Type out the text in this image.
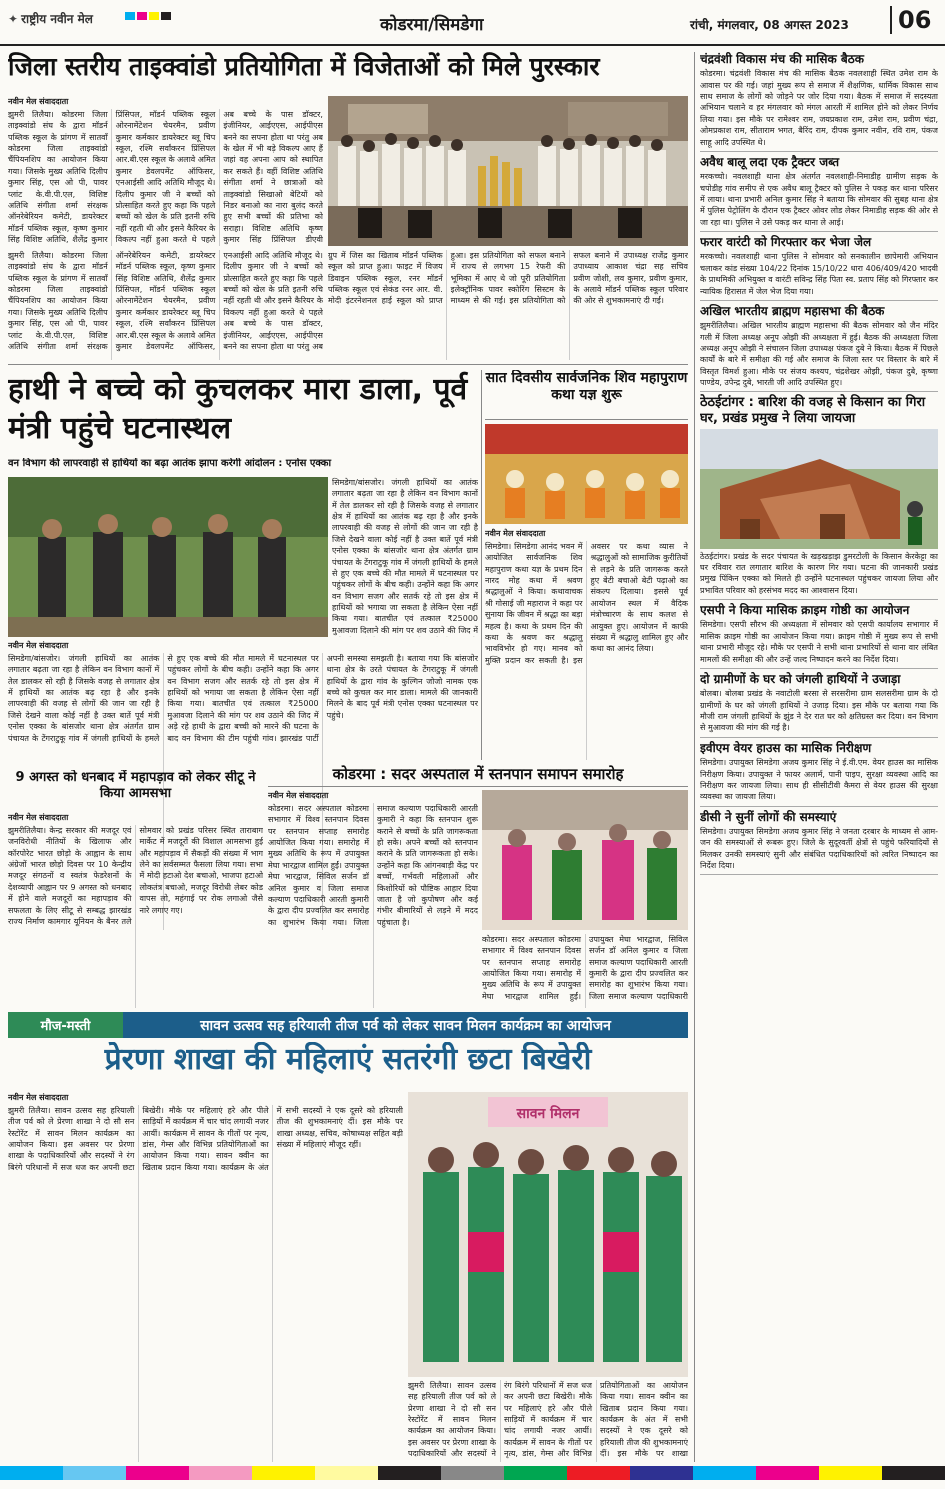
✦ राष्ट्रीय नवीन मेल	कोडरमा/सिमडेगा	रांची, मंगलवार, 08 अगस्त 2023	06
जिला स्तरीय ताइक्वांडो प्रतियोगिता में विजेताओं को मिले पुरस्कार
नवीन मेल संवाददाता
झुमरी तिलैया। कोडरमा जिला ताइक्वांडो संघ के द्वारा मॉडर्न पब्लिक स्कूल के प्रांगण में सातवाँ कोडरमा जिला ताइक्वांडो चैंपियनशिप का आयोजन किया गया। जिसके मुख्य अतिथि दिलीप कुमार सिंह, एस ओ पी, पावर प्लांट के.वी.पी.एल, विशिष्ट अतिथि संगीता शर्मा संरक्षक ऑनरेबेरियन कमेटी, डायरेक्टर मॉडर्न पब्लिक स्कूल, कृष्ण कुमार सिंह विशिष्ट अतिथि, शैलेंद्र कुमार प्रिंसिपल, मॉडर्न पब्लिक स्कूल ओरनामेंटेशन चेयरमैन, प्रवीण कुमार कर्मकार डायरेक्टर ब्लू चिप स्कूल, रश्मि सर्वांकरन प्रिंसिपल आर.बी.एस स्कूल के अलावे अमित कुमार डेवलपमेंट ऑफिसर, एनआईसी आदि अतिथि मौजूद थे। दिलीप कुमार जी ने बच्चों को प्रोत्साहित करते हुए कहा कि पहले बच्चों को खेल के प्रति इतनी रुचि नहीं रहती थी और इसने कैरियर के विकल्प नहीं हुआ करते थे पहले अब बच्चे के पास डॉक्टर, इंजीनियर, आईएएस, आईपीएस बनने का सपना होता था परंतु अब के खेल में भी बड़े विकल्प आए हैं जहां वह अपना आप को स्थापित कर सकते हैं। वहीं विशिष्ट अतिथि संगीता शर्मा ने छात्राओं को ताइक्वांडो सिखाओ बेटियों को निडर बनाओ का नारा बुलंद करते हुए सभी बच्चों की प्रतिभा को सराहा। विशिष्ट अतिथि कृष्ण कुमार सिंह प्रिंसिपल डीएवी
ग्रुप में जिस का खिताब मॉडर्न पब्लिक स्कूल को प्राप्त हुआ। फाइट में विजय डिवाइन पब्लिक स्कूल, रनर मॉडर्न पब्लिक स्कूल एवं सेकंड रनर आर. वी. मोदी इंटरनेशनल हाई स्कूल को प्राप्त हुआ। इस प्रतियोगिता को सफल बनाने में राज्य से लगभग 15 रेफरी की भूमिका में आए थे जो पूरी प्रतियोगिता इलेक्ट्रॉनिक पावर स्कोरिंग सिस्टम के माध्यम से की गई। इस प्रतियोगिता को सफल बनाने में उपाध्यक्ष राजेंद्र कुमार उपाध्याय आकाश चंद्रा सह सचिव प्रवीण जोशी, लव कुमार, प्रवीण कुमार, के अलावे मॉडर्न पब्लिक स्कूल परिवार की ओर से शुभकामनाएं दी गई।
झुमरी तिलैया। कोडरमा जिला ताइक्वांडो संघ के द्वारा मॉडर्न पब्लिक स्कूल के प्रांगण में सातवाँ कोडरमा जिला ताइक्वांडो चैंपियनशिप का आयोजन किया गया। जिसके मुख्य अतिथि दिलीप कुमार सिंह, एस ओ पी, पावर प्लांट के.वी.पी.एल, विशिष्ट अतिथि संगीता शर्मा संरक्षक ऑनरेबेरियन कमेटी, डायरेक्टर मॉडर्न पब्लिक स्कूल, कृष्ण कुमार सिंह विशिष्ट अतिथि, शैलेंद्र कुमार प्रिंसिपल, मॉडर्न पब्लिक स्कूल ओरनामेंटेशन चेयरमैन, प्रवीण कुमार कर्मकार डायरेक्टर ब्लू चिप स्कूल, रश्मि सर्वांकरन प्रिंसिपल आर.बी.एस स्कूल के अलावे अमित कुमार डेवलपमेंट ऑफिसर, एनआईसी आदि अतिथि मौजूद थे। दिलीप कुमार जी ने बच्चों को प्रोत्साहित करते हुए कहा कि पहले बच्चों को खेल के प्रति इतनी रुचि नहीं रहती थी और इसने कैरियर के विकल्प नहीं हुआ करते थे पहले अब बच्चे के पास डॉक्टर, इंजीनियर, आईएएस, आईपीएस बनने का सपना होता था परंतु अब
हाथी ने बच्चे को कुचलकर मारा डाला, पूर्व मंत्री पहुंचे घटनास्थल
वन विभाग की लापरवाही से हाथियों का बढ़ा आतंक झापा करेगी आंदोलन : एनोस एक्का
नवीन मेल संवाददाता
सिमडेगा/बांसजोर। जंगली हाथियों का आतंक लगातार बढ़ता जा रहा है लेकिन वन विभाग कानों में तेल डालकर सो रही है जिसके वजह से लगातार क्षेत्र में हाथियों का आतंक बढ़ रहा है और इनके लापरवाही की वजह से लोगों की जान जा रही है जिसे देखने वाला कोई नहीं है उक्त बातें पूर्व मंत्री एनोस एक्का के बांसजोर थाना क्षेत्र अंतर्गत ग्राम पंचायत के टेंगराटुकू गांव में जंगली हाथियों के हमले से हुए एक बच्चे की मौत मामले में घटनास्थल पर पहुंचकर लोगों के बीच कही। उन्होंने कहा कि अगर वन विभाग सजग और सतर्क रहे तो इस क्षेत्र में हाथियों को भगाया जा सकता है लेकिन ऐसा नहीं किया गया। बातचीत एवं तत्काल ₹25000 मुआवजा दिलाने की मांग पर शव उठाने की जिद में अड़े रहे हाथी के द्वारा बच्ची को मारने की घटना के बाद वन विभाग की टीम पहुंची गांव। झारखंड पार्टी अपनी समस्या समझती है। बताया गया कि बांसजोर थाना क्षेत्र के उरते पंचायत के टेंगराटुकू में जंगली हाथियों के द्वारा गांव के कुल्गिन जोजो नामक एक बच्चे को कुचल कर मार डाला। मामले की जानकारी मिलने के बाद पूर्व मंत्री एनोस एक्का घटनास्थल पर पहुंचे।
सिमडेगा/बांसजोर। जंगली हाथियों का आतंक लगातार बढ़ता जा रहा है लेकिन वन विभाग कानों में तेल डालकर सो रही है जिसके वजह से लगातार क्षेत्र में हाथियों का आतंक बढ़ रहा है और इनके लापरवाही की वजह से लोगों की जान जा रही है जिसे देखने वाला कोई नहीं है उक्त बातें पूर्व मंत्री एनोस एक्का के बांसजोर थाना क्षेत्र अंतर्गत ग्राम पंचायत के टेंगराटुकू गांव में जंगली हाथियों के हमले से हुए एक बच्चे की मौत मामले में घटनास्थल पर पहुंचकर लोगों के बीच कही। उन्होंने कहा कि अगर वन विभाग सजग और सतर्क रहे तो इस क्षेत्र में हाथियों को भगाया जा सकता है लेकिन ऐसा नहीं किया गया। बातचीत एवं तत्काल ₹25000 मुआवजा दिलाने की मांग पर शव उठाने की जिद में
सात दिवसीय सार्वजनिक शिव महापुराण कथा यज्ञ शुरू
नवीन मेल संवाददाता
सिमडेगा। सिमडेगा आनंद भवन में आयोजित सार्वजनिक शिव महापुराण कथा यज्ञ के प्रथम दिन नारद मोह कथा में श्रवण श्रद्धालुओं ने किया। कथावाचक श्री गोसाई जी महाराज ने कहा पर सुनाया कि जीवन में श्रद्धा का बड़ा महत्व है। कथा के प्रथम दिन की कथा के श्रवण कर श्रद्धालु भावविभोर हो गए। मानव को मुक्ति प्रदान कर सकती है। इस अवसर पर कथा व्यास ने श्रद्धालुओं को सामाजिक कुरीतियों से लड़ने के प्रति जागरूक करते हुए बेटी बचाओ बेटी पढ़ाओ का संकल्प दिलाया। इससे पूर्व आयोजन स्थल में वैदिक मंत्रोच्चारण के साथ कलश से आयुक्त हुए। आयोजन में काफी संख्या में श्रद्धालु शामिल हुए और कथा का आनंद लिया।
9 अगस्त को धनबाद में महापड़ाव को लेकर सीटू ने किया आमसभा
नवीन मेल संवाददाता
झुमरीतिलैया। केन्द्र सरकार की मजदूर एवं जनविरोधी नीतियों के खिलाफ और कॉरपोरेट भारत छोड़ो के आह्वान के साथ अंग्रेजों भारत छोड़ो दिवस पर 10 केन्द्रीय मजदूर संगठनों व स्वतंत्र फेडरेशनों के देशव्यापी आह्वान पर 9 अगस्त को धनबाद में होने वाले मजदूरों का महापड़ाव की सफलता के लिए सीटू से सम्बद्ध झारखंड राज्य निर्माण कामगार यूनियन के बैनर तले सोमवार को प्रखंड परिसर स्थित ताराबाग मार्केट में मजदूरों की विशाल आमसभा हुई और महापड़ाव में सैकड़ों की संख्या में भाग लेने का सर्वसम्मत फैसला लिया गया। सभा में मोदी हटाओ देश बचाओ, भाजपा हटाओ लोकतंत्र बचाओ, मजदूर विरोधी लेबर कोड वापस लो, महंगाई पर रोक लगाओ जैसे नारे लगाए गए।
कोडरमा : सदर अस्पताल में स्तनपान समापन समारोह
नवीन मेल संवाददाता
कोडरमा। सदर अस्पताल कोडरमा सभागार में विश्व स्तनपान दिवस पर स्तनपान सप्ताह समारोह आयोजित किया गया। समारोह में मुख्य अतिथि के रूप में उपायुक्त मेघा भारद्वाज शामिल हुईं। उपायुक्त मेघा भारद्वाज, सिविल सर्जन डॉ अनिल कुमार व जिला समाज कल्याण पदाधिकारी आरती कुमारी के द्वारा दीप प्रज्वलित कर समारोह का शुभारंभ किया गया। जिला समाज कल्याण पदाधिकारी आरती कुमारी ने कहा कि स्तनपान शुरू कराने से बच्चों के प्रति जागरूकता हो सके। अपने बच्चों को स्तनपान कराने के प्रति जागरूकता हो सके। उन्होंने कहा कि आंगनबाड़ी केंद्र पर बच्चों, गर्भवती महिलाओं और किशोरियों को पौष्टिक आहार दिया जाता है जो कुपोषण और कई गंभीर बीमारियों से लड़ने में मदद पहुंचाता है।
कोडरमा। सदर अस्पताल कोडरमा सभागार में विश्व स्तनपान दिवस पर स्तनपान सप्ताह समारोह आयोजित किया गया। समारोह में मुख्य अतिथि के रूप में उपायुक्त मेघा भारद्वाज शामिल हुईं। उपायुक्त मेघा भारद्वाज, सिविल सर्जन डॉ अनिल कुमार व जिला समाज कल्याण पदाधिकारी आरती कुमारी के द्वारा दीप प्रज्वलित कर समारोह का शुभारंभ किया गया। जिला समाज कल्याण पदाधिकारी
मौज-मस्ती	सावन उत्सव सह हरियाली तीज पर्व को लेकर सावन मिलन कार्यक्रम का आयोजन
प्रेरणा शाखा की महिलाएं सतरंगी छटा बिखेरी
नवीन मेल संवाददाता
झुमरी तिलैया। सावन उत्सव सह हरियाली तीज पर्व को ले प्रेरणा शाखा ने दो सौ सन रेस्टोरेंट में सावन मिलन कार्यक्रम का आयोजन किया। इस अवसर पर प्रेरणा शाखा के पदाधिकारियों और सदस्यों ने रंग बिरंगे परिधानों में सज धज कर अपनी छटा बिखेरी। मौके पर महिलाएं हरे और पीले साड़ियों में कार्यक्रम में चार चांद लगायी नजर आयीं। कार्यक्रम में सावन के गीतों पर नृत्य, डांस, गेम्स और विभिन्न प्रतियोगिताओं का आयोजन किया गया। सावन क्वीन का खिताब प्रदान किया गया। कार्यक्रम के अंत में सभी सदस्यों ने एक दूसरे को हरियाली तीज की शुभकामनाएं दीं। इस मौके पर शाखा अध्यक्ष, सचिव, कोषाध्यक्ष सहित बड़ी संख्या में महिलाएं मौजूद रहीं।
सावन मिलन
झुमरी तिलैया। सावन उत्सव सह हरियाली तीज पर्व को ले प्रेरणा शाखा ने दो सौ सन रेस्टोरेंट में सावन मिलन कार्यक्रम का आयोजन किया। इस अवसर पर प्रेरणा शाखा के पदाधिकारियों और सदस्यों ने रंग बिरंगे परिधानों में सज धज कर अपनी छटा बिखेरी। मौके पर महिलाएं हरे और पीले साड़ियों में कार्यक्रम में चार चांद लगायी नजर आयीं। कार्यक्रम में सावन के गीतों पर नृत्य, डांस, गेम्स और विभिन्न प्रतियोगिताओं का आयोजन किया गया। सावन क्वीन का खिताब प्रदान किया गया। कार्यक्रम के अंत में सभी सदस्यों ने एक दूसरे को हरियाली तीज की शुभकामनाएं दीं। इस मौके पर शाखा
चंद्रवंशी विकास मंच की मासिक बैठक
कोडरमा। चंद्रवंशी विकास मंच की मासिक बैठक नवलशाही स्थित उमेश राम के आवास पर की गई। जहां मुख्य रूप से समाज में शैक्षणिक, धार्मिक विकास साथ साथ समाज के लोगों को जोड़ने पर जोर दिया गया। बैठक में समाज में सदस्यता अभियान चलाने व हर मंगलवार को मंगल आरती में शामिल होने को लेकर निर्णय लिया गया। इस मौके पर रामेश्वर राम, जयप्रकाश राम, उमेश राम, प्रवीण चंद्रा, ओमप्रकाश राम, सीताराम भगत, बैरिंद राम, दीपक कुमार नवीन, रवि राम, पंकज साहू आदि उपस्थित थे।
अवैध बालू लदा एक ट्रैक्टर जब्त
मरकच्चो। नवलशाही थाना क्षेत्र अंतर्गत नवलशाही-निमाडीह ग्रामीण सड़क के चपोडीह गांव समीप से एक अवैध बालू ट्रैक्टर को पुलिस ने पकड़ कर थाना परिसर में लाया। थाना प्रभारी अनिल कुमार सिंह ने बताया कि सोमवार की सुबह थाना क्षेत्र में पुलिस पेट्रोलिंग के दौरान एक ट्रैक्टर ओवर लोड लेकर निमाडीह सड़क की ओर से जा रहा था। पुलिस ने उसे पकड़ कर थाना ले आई।
फरार वारंटी को गिरफ्तार कर भेजा जेल
मरकच्चो। नवलशाही थाना पुलिस ने सोमवार को सनकालीन छापेमारी अभियान चलाकर कांड संख्या 104/22 दिनांक 15/10/22 धारा 406/409/420 भादवी के प्राथमिकी अभियुक्त व वारंटी सविन्द्र सिंह पिता स्व. प्रताप सिंह को गिरफ्तार कर न्यायिक हिरासत में जेल भेज दिया गया।
अखिल भारतीय ब्राह्मण महासभा की बैठक
झुमरीतिलैया। अखिल भारतीय ब्राह्मण महासभा की बैठक सोमवार को जैन मंदिर गली में जिला अध्यक्ष अनूप ओझी की अध्यक्षता में हुई। बैठक की अध्यक्षता जिला अध्यक्ष अनूप ओझी ने संचालन जिला उपाध्यक्ष पंकज दुबे ने किया। बैठक में पिछले कार्यों के बारे में समीक्षा की गई और समाज के जिला स्तर पर विस्तार के बारे में विस्तृत विमर्श हुआ। मौके पर संजय कश्यप, चंद्रशेखर ओझी, पंकज दुबे, कृष्णा पाण्डेय, उपेन्द्र दुबे, भारती जी आदि उपस्थित हुए।
ठेठईटांगर : बारिश की वजह से किसान का गिरा घर, प्रखंड प्रमुख ने लिया जायजा
ठेठईटांगर। प्रखंड के सदर पंचायत के खड़खड़ाझ डुमरटोली के किसान केरकेट्टा का घर रविवार रात लगातार बारिश के कारण गिर गया। घटना की जानकारी प्रखंड प्रमुख पिंकिन एक्का को मिलते ही उन्होंने घटनास्थल पहुंचकर जायजा लिया और प्रभावित परिवार को हरसंभव मदद का आश्वासन दिया।
एसपी ने किया मासिक क्राइम गोष्ठी का आयोजन
सिमडेगा। एसपी सौरभ की अध्यक्षता में सोमवार को एसपी कार्यालय सभागार में मासिक क्राइम गोष्ठी का आयोजन किया गया। क्राइम गोष्ठी में मुख्य रूप से सभी थाना प्रभारी मौजूद रहे। मौके पर एसपी ने सभी थाना प्रभारियों से थाना वार लंबित मामलों की समीक्षा की और उन्हें जल्द निष्पादन करने का निर्देश दिया।
दो ग्रामीणों के घर को जंगली हाथियों ने उजाड़ा
बोलबा। बोलबा प्रखंड के नवाटोली बरसा से सरसरीमा ग्राम सलसरीमा ग्राम के दो ग्रामीणों के घर को जंगली हाथियों ने उजाड़ दिया। इस मौके पर बताया गया कि मौजी राम जंगली हाथियों के झुंड ने देर रात घर को क्षतिग्रस्त कर दिया। वन विभाग से मुआवजा की मांग की गई है।
इवीएम वेयर हाउस का मासिक निरीक्षण
सिमडेगा। उपायुक्त सिमडेगा अजय कुमार सिंह ने ई.वी.एम. वेयर हाउस का मासिक निरीक्षण किया। उपायुक्त ने फायर अलार्म, पानी पाइप, सुरक्षा व्यवस्था आदि का निरीक्षण कर जायजा लिया। साथ ही सीसीटीवी कैमरा से वेयर हाउस की सुरक्षा व्यवस्था का जायजा लिया।
डीसी ने सुनीं लोगों की समस्याएं
सिमडेगा। उपायुक्त सिमडेगा अजय कुमार सिंह ने जनता दरबार के माध्यम से आम-जन की समस्याओं से रूबरू हुए। जिले के सुदूरवर्ती क्षेत्रों से पहुंचे फरियादियों से मिलकर उनकी समस्याएं सुनी और संबंधित पदाधिकारियों को त्वरित निष्पादन का निर्देश दिया।
